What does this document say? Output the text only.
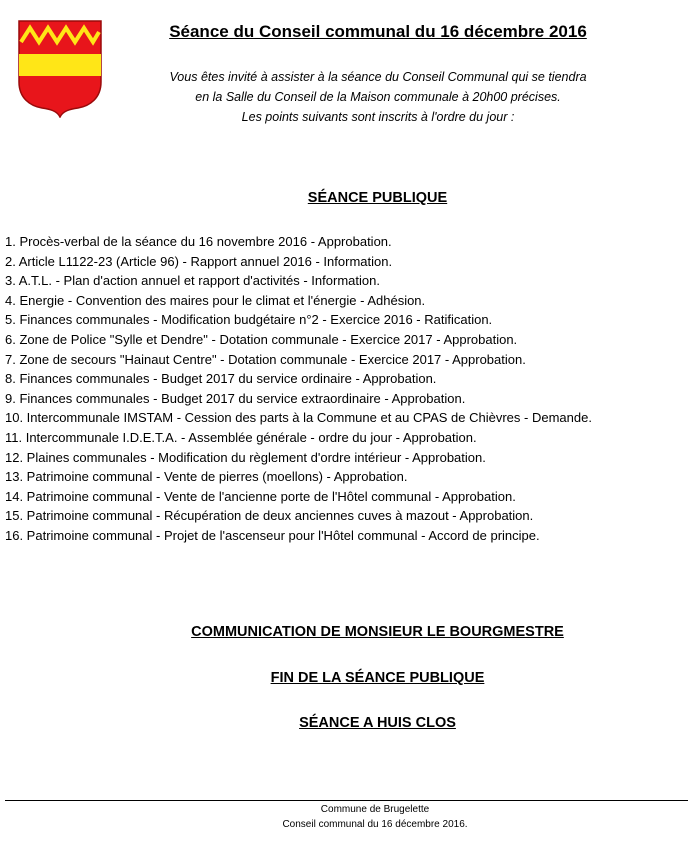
Séance du Conseil communal du 16 décembre 2016

Vous êtes invité à assister à la séance du Conseil Communal qui se tiendra
en la Salle du Conseil de la Maison communale à 20h00 précises.
Les points suivants sont inscrits à l'ordre du jour :

SÉANCE PUBLIQUE
1. Procès-verbal de la séance du 16 novembre 2016 - Approbation.
2. Article L1122-23 (Article 96) - Rapport annuel 2016 - Information.
3. A.T.L. - Plan d'action annuel et rapport d'activités - Information.
4. Energie - Convention des maires pour le climat et l'énergie - Adhésion.
5. Finances communales - Modification budgétaire n°2 - Exercice 2016 - Ratification.
6. Zone de Police "Sylle et Dendre" - Dotation communale - Exercice 2017 - Approbation.
7. Zone de secours "Hainaut Centre" - Dotation communale - Exercice 2017 - Approbation.
8. Finances communales - Budget 2017 du service ordinaire - Approbation.
9. Finances communales - Budget 2017 du service extraordinaire - Approbation.
10. Intercommunale IMSTAM - Cession des parts à la Commune et au CPAS de Chièvres - Demande.
11. Intercommunale I.D.E.T.A. - Assemblée générale - ordre du jour - Approbation.
12. Plaines communales - Modification du règlement d'ordre intérieur - Approbation.
13. Patrimoine communal - Vente de pierres (moellons) - Approbation.
14. Patrimoine communal - Vente de l'ancienne porte de l'Hôtel communal - Approbation.
15. Patrimoine communal - Récupération de deux anciennes cuves à mazout - Approbation.
16. Patrimoine communal - Projet de l'ascenseur pour l'Hôtel communal - Accord de principe.
COMMUNICATION DE MONSIEUR LE BOURGMESTRE
FIN DE LA SÉANCE PUBLIQUE
SÉANCE A HUIS CLOS
Commune de Brugelette
Conseil communal du 16 décembre 2016.
